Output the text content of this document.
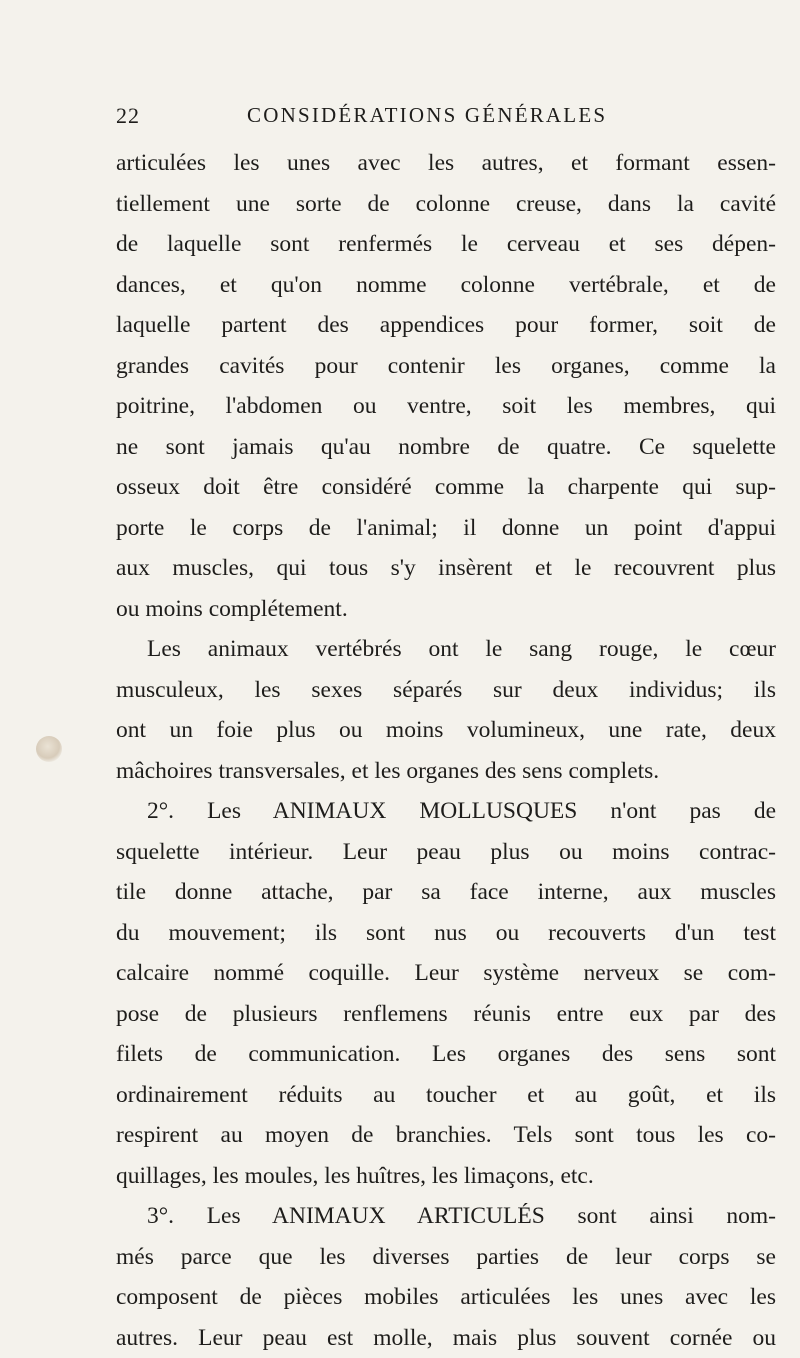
22	CONSIDÉRATIONS GÉNÉRALES
articulées les unes avec les autres, et formant essen-
tiellement une sorte de colonne creuse, dans la cavité
de laquelle sont renfermés le cerveau et ses dépen-
dances, et qu'on nomme colonne vertébrale, et de
laquelle partent des appendices pour former, soit de
grandes cavités pour contenir les organes, comme la
poitrine, l'abdomen ou ventre, soit les membres, qui
ne sont jamais qu'au nombre de quatre. Ce squelette
osseux doit être considéré comme la charpente qui sup-
porte le corps de l'animal; il donne un point d'appui
aux muscles, qui tous s'y insèrent et le recouvrent plus
ou moins complétement.
Les animaux vertébrés ont le sang rouge, le cœur
musculeux, les sexes séparés sur deux individus; ils
ont un foie plus ou moins volumineux, une rate, deux
mâchoires transversales, et les organes des sens complets.
2°. Les ANIMAUX MOLLUSQUES n'ont pas de
squelette intérieur. Leur peau plus ou moins contrac-
tile donne attache, par sa face interne, aux muscles
du mouvement; ils sont nus ou recouverts d'un test
calcaire nommé coquille. Leur système nerveux se com-
pose de plusieurs renflemens réunis entre eux par des
filets de communication. Les organes des sens sont
ordinairement réduits au toucher et au goût, et ils
respirent au moyen de branchies. Tels sont tous les co-
quillages, les moules, les huîtres, les limaçons, etc.
3°. Les ANIMAUX ARTICULÉS sont ainsi nom-
més parce que les diverses parties de leur corps se
composent de pièces mobiles articulées les unes avec les
autres. Leur peau est molle, mais plus souvent cornée ou
